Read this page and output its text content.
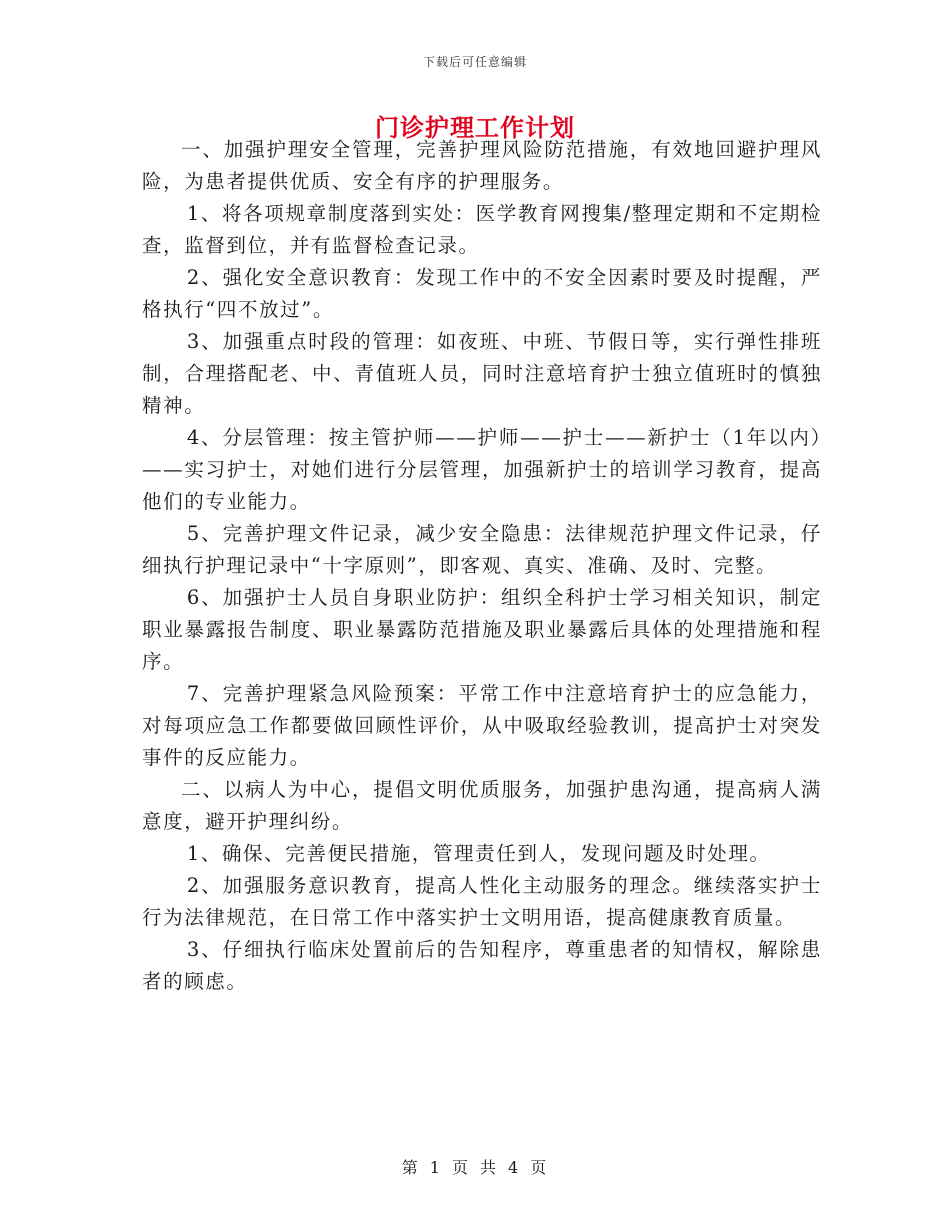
下载后可任意编辑
门诊护理工作计划

一、加强护理安全管理，完善护理风险防范措施，有效地回避护理风险，为患者提供优质、安全有序的护理服务。

1、将各项规章制度落到实处：医学教育网搜集/整理定期和不定期检查，监督到位，并有监督检查记录。

2、强化安全意识教育：发现工作中的不安全因素时要及时提醒，严格执行“四不放过”。

3、加强重点时段的管理：如夜班、中班、节假日等，实行弹性排班制，合理搭配老、中、青值班人员，同时注意培育护士独立值班时的慎独精神。

4、分层管理：按主管护师——护师——护士——新护士（1年以内）——实习护士，对她们进行分层管理，加强新护士的培训学习教育，提高他们的专业能力。

5、完善护理文件记录，减少安全隐患：法律规范护理文件记录，仔细执行护理记录中“十字原则”，即客观、真实、准确、及时、完整。

6、加强护士人员自身职业防护：组织全科护士学习相关知识，制定职业暴露报告制度、职业暴露防范措施及职业暴露后具体的处理措施和程序。

7、完善护理紧急风险预案：平常工作中注意培育护士的应急能力，对每项应急工作都要做回顾性评价，从中吸取经验教训，提高护士对突发事件的反应能力。

二、以病人为中心，提倡文明优质服务，加强护患沟通，提高病人满意度，避开护理纠纷。

1、确保、完善便民措施，管理责任到人，发现问题及时处理。

2、加强服务意识教育，提高人性化主动服务的理念。继续落实护士行为法律规范，在日常工作中落实护士文明用语，提高健康教育质量。

3、仔细执行临床处置前后的告知程序，尊重患者的知情权，解除患者的顾虑。

第 1 页 共 4 页
